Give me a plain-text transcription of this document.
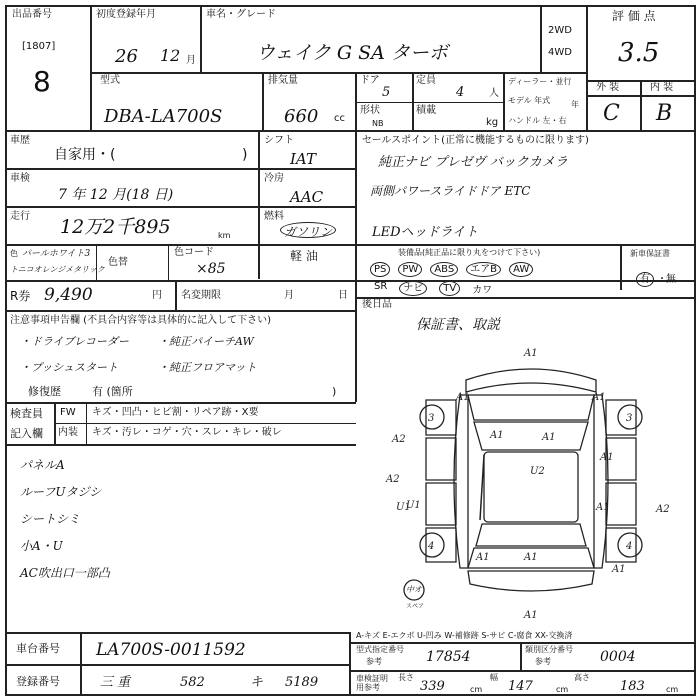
出品番号
[1807]
8
初度登録年月
26 12 月
車名・グレード
ウェイク G SA ターボ
2WD
4WD
評 価 点
3.5
型式
DBA-LA700S
排気量
660 cc
ドア
5
定員
4 人
形状
NB
積載
kg
ディーラー・並行
モデル 年式	年
ハンドル 左・右
外 装	内 装
C B
車歴
自家用・(	)
シフト
IAT
車検
7 年 12 月(18 日)
冷房
AAC
走行 12万2千895	km
燃料
ガソリン
軽 油
色 パールホワイト3
トニコオレンジメタリック
色替
色コード
×85
R券 9,490	円 名変期限	月	日
セールスポイント(正常に機能するものに限ります)
純正ナビ プレゼヴ バックカメラ
両側パワースライドドア ETC
LEDヘッドライト
装備品(純正品に限り丸をつけて下さい)
PS	PW	ABS	エアB	AW
SR	ナビ	TV	カワ
新車保証書
有 ・ 無
後日品
保証書、取説
注意事項申告欄 (不具合内容等は具体的に記入して下さい)
・ドライブレコーダー	・純正パイーチAW
・プッシュスタート	・純正フロアマット
修復歴	有 (箇所	)
検査員
記入欄
FW キズ・凹凸・ヒビ割・リペア跡・X要
内装 キズ・汚レ・コゲ・穴・スレ・キレ・破レ
パネルA
ルーフUタジシ
シートシミ
小A・U
AC吹出口一部凸
A1
A1	A1
A2	A1	A1
A2
A1
U2
U1	A2
A1
A1	A1
A1
U1
A1
3	3
4	4
中オ
スペア
A-キズ E-エクボ U-凹み W-補修跡 S-サビ C-腐食 XX-交換済
車台番号 LA700S-0011592
登録番号	三 重	582	キ 5189
型式指定番号
参考	17854	類別区分番号
参考	0004
車検証明用参考
長さ
339	cm
幅
147	cm
高さ
183	cm
